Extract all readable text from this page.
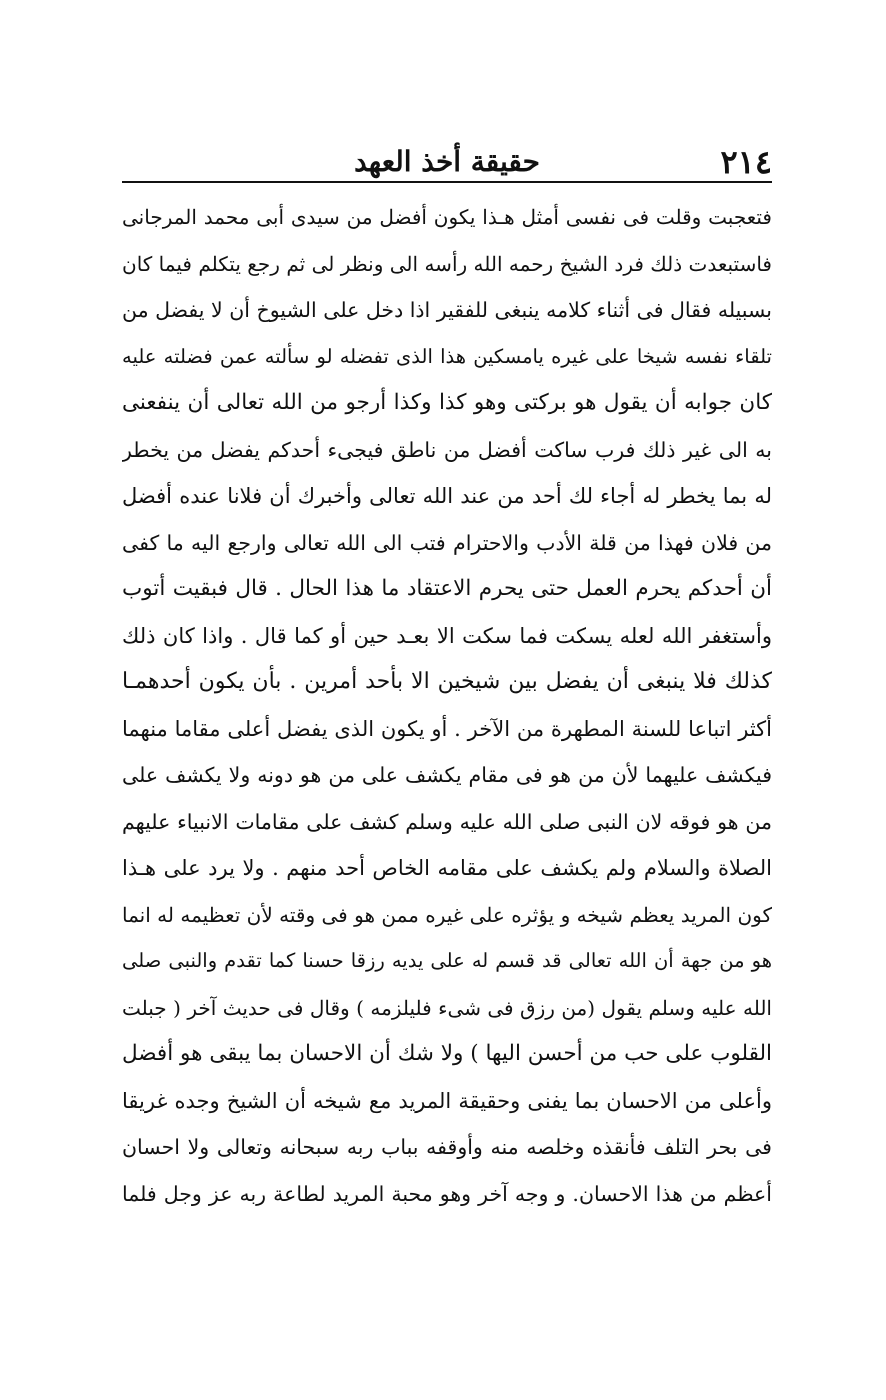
٢١٤
حقيقة أخذ العهد
فتعجبت وقلت فى نفسى أمثل هـذا يكون أفضل من سيدى أبى محمد المرجانى
فاستبعدت ذلك فرد الشيخ رحمه الله رأسه الى ونظر لى ثم رجع يتكلم فيما كان
بسبيله فقال فى أثناء كلامه ينبغى للفقير اذا دخل على الشيوخ أن لا يفضل من
تلقاء نفسه شيخا على غيره يامسكين هذا الذى تفضله لو سألته عمن فضلته عليه
كان جوابه أن يقول هو بركتى وهو كذا وكذا أرجو من الله تعالى أن ينفعنى
به الى غير ذلك فرب ساكت أفضل من ناطق فيجىء أحدكم يفضل من يخطر
له بما يخطر له أجاء لك أحد من عند الله تعالى وأخبرك أن فلانا عنده أفضل
من فلان فهذا من قلة الأدب والاحترام فتب الى الله تعالى وارجع اليه ما كفى
أن أحدكم يحرم العمل حتى يحرم الاعتقاد ما هذا الحال . قال فبقيت أتوب
وأستغفر الله لعله يسكت فما سكت الا بعـد حين أو كما قال . واذا كان ذلك
كذلك فلا ينبغى أن يفضل بين شيخين الا بأحد أمرين . بأن يكون أحدهمـا
أكثر اتباعا للسنة المطهرة من الآخر . أو يكون الذى يفضل أعلى مقاما منهما
فيكشف عليهما لأن من هو فى مقام يكشف على من هو دونه ولا يكشف على
من هو فوقه لان النبى صلى الله عليه وسلم كشف على مقامات الانبياء عليهم
الصلاة والسلام ولم يكشف على مقامه الخاص أحد منهم . ولا يرد على هـذا
كون المريد يعظم شيخه و يؤثره على غيره ممن هو فى وقته لأن تعظيمه له انما
هو من جهة أن الله تعالى قد قسم له على يديه رزقا حسنا كما تقدم والنبى صلى
الله عليه وسلم يقول (من رزق فى شىء فليلزمه ) وقال فى حديث آخر ( جبلت
القلوب على حب من أحسن اليها ) ولا شك أن الاحسان بما يبقى هو أفضل
وأعلى من الاحسان بما يفنى وحقيقة المريد مع شيخه أن الشيخ وجده غريقا
فى بحر التلف فأنقذه وخلصه منه وأوقفه بباب ربه سبحانه وتعالى ولا احسان
أعظم من هذا الاحسان. و وجه آخر وهو محبة المريد لطاعة ربه عز وجل فلما
